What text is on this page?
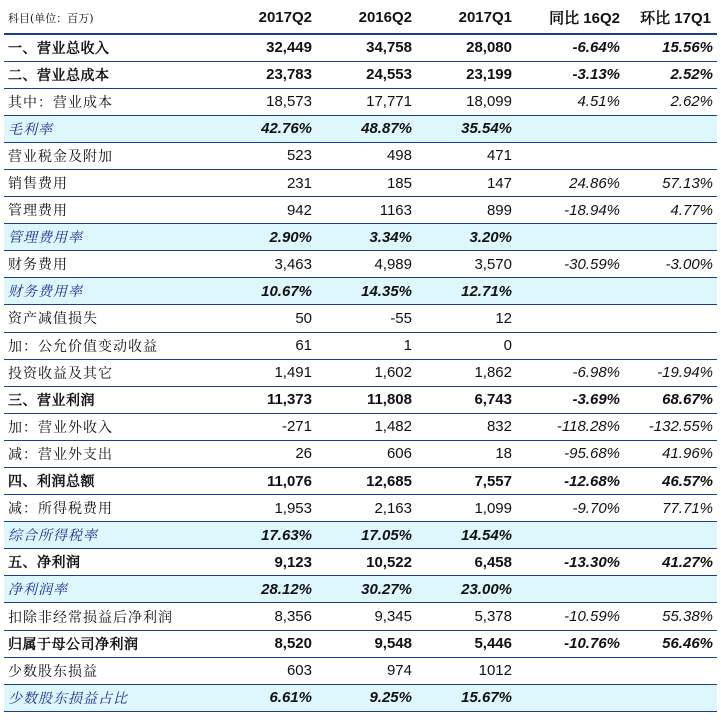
科目(单位：百万)	2017Q2	2016Q2	2017Q1	同比 16Q2	环比 17Q1
一、营业总收入	32,449	34,758	28,080	-6.64%	15.56%
二、营业总成本	23,783	24,553	23,199	-3.13%	2.52%
其中：营业成本	18,573	17,771	18,099	4.51%	2.62%
毛利率	42.76%	48.87%	35.54%		
营业税金及附加	523	498	471		
销售费用	231	185	147	24.86%	57.13%
管理费用	942	1163	899	-18.94%	4.77%
管理费用率	2.90%	3.34%	3.20%		
财务费用	3,463	4,989	3,570	-30.59%	-3.00%
财务费用率	10.67%	14.35%	12.71%		
资产减值损失	50	-55	12		
加：公允价值变动收益	61	1	0		
投资收益及其它	1,491	1,602	1,862	-6.98%	-19.94%
三、营业利润	11,373	11,808	6,743	-3.69%	68.67%
加：营业外收入	-271	1,482	832	-118.28%	-132.55%
减：营业外支出	26	606	18	-95.68%	41.96%
四、利润总额	11,076	12,685	7,557	-12.68%	46.57%
减：所得税费用	1,953	2,163	1,099	-9.70%	77.71%
综合所得税率	17.63%	17.05%	14.54%		
五、净利润	9,123	10,522	6,458	-13.30%	41.27%
净利润率	28.12%	30.27%	23.00%		
扣除非经常损益后净利润	8,356	9,345	5,378	-10.59%	55.38%
归属于母公司净利润	8,520	9,548	5,446	-10.76%	56.46%
少数股东损益	603	974	1012		
少数股东损益占比	6.61%	9.25%	15.67%		
